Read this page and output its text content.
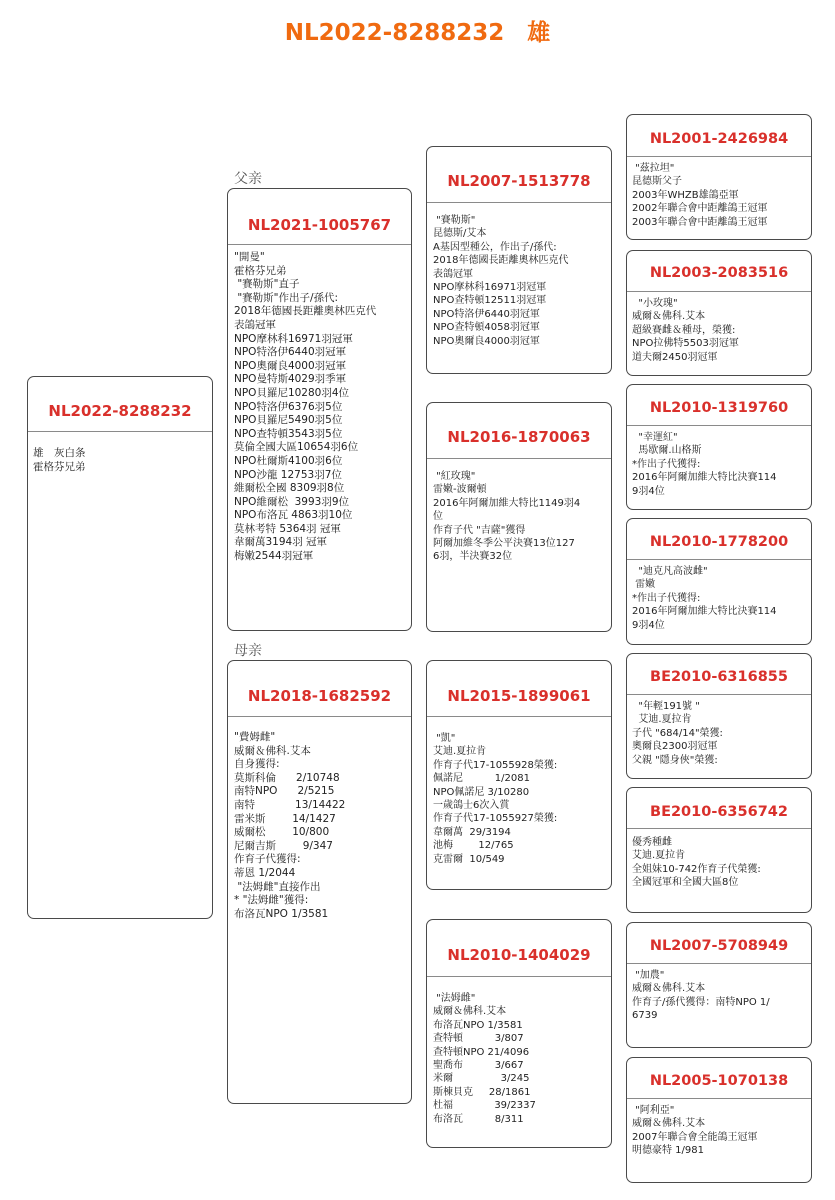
NL2022-8288232　雄
父亲
母亲
NL2022-8288232
雄　灰白条
霍格芬兄弟
NL2021-1005767
"開曼"
霍格芬兄弟
"賽勒斯"直子
"賽勒斯"作出子/孫代:
2018年德國長距離奧林匹克代
表鴿冠軍
NPO摩林科16971羽冠軍
NPO特洛伊6440羽冠軍
NPO奧爾良4000羽冠軍
NPO曼特斯4029羽季軍
NPO貝羅尼10280羽4位
NPO特洛伊6376羽5位
NPO貝羅尼5490羽5位
NPO查特頓3543羽5位
莫倫全國大區10654羽6位
NPO杜爾斯4100羽6位
NPO沙龍 12753羽7位
維爾松全國 8309羽8位
NPO維爾松  3993羽9位
NPO布洛瓦 4863羽10位
莫林考特 5364羽 冠軍
韋爾萬3194羽 冠軍
梅嫩2544羽冠軍
NL2018-1682592
"費姆雌"
威爾＆佛科.艾本
自身獲得:
莫斯科倫      2/10748
南特NPO      2/5215
南特            13/14422
雷米斯        14/1427
威爾松        10/800
尼爾吉斯        9/347
作育子代獲得:
蒂恩 1/2044
"法姆雌"直接作出
* "法姆雌"獲得:
布洛瓦NPO 1/3581
NL2007-1513778
"賽勒斯"
昆德斯/艾本
A基因型種公，作出子/孫代:
2018年德國長距離奧林匹克代
表鴿冠軍
NPO摩林科16971羽冠軍
NPO查特頓12511羽冠軍
NPO特洛伊6440羽冠軍
NPO查特頓4058羽冠軍
NPO奧爾良4000羽冠軍
NL2016-1870063
"紅玫瑰"
雷嫩-波爾頓
2016年阿爾加維大特比1149羽4
位
作育子代 "吉薩"獲得
阿爾加維冬季公平決賽13位127
6羽，半決賽32位
NL2015-1899061
"凱"
艾迪.夏拉肯
作育子代17-1055928榮獲:
佩諾尼          1/2081
NPO佩諾尼 3/10280
一歲鴿士6次入賞
作育子代17-1055927榮獲:
韋爾萬  29/3194
池梅        12/765
克雷爾  10/549
NL2010-1404029
"法姆雌"
威爾＆佛科.艾本
布洛瓦NPO 1/3581
查特頓          3/807
查特頓NPO 21/4096
聖喬布          3/667
米爾               3/245
斯棟貝克     28/1861
杜福             39/2337
布洛瓦          8/311
NL2001-2426984
"茲拉坦"
昆德斯父子
2003年WHZB雄鴿亞軍
2002年聯合會中距離鴿王冠軍
2003年聯合會中距離鴿王冠軍
NL2003-2083516
"小玫瑰"
威爾＆佛科.艾本
超級賽雌＆種母，榮獲:
NPO拉佛特5503羽冠軍
道夫爾2450羽冠軍
NL2010-1319760
"幸運紅"
馬歇爾.山格斯
*作出子代獲得:
2016年阿爾加維大特比決賽114
9羽4位
NL2010-1778200
"迪克凡高波雌"
雷嫩
*作出子代獲得:
2016年阿爾加維大特比決賽114
9羽4位
BE2010-6316855
"年輕191號 "
艾迪.夏拉肯
子代 "684/14"榮獲:
奧爾良2300羽冠軍
父親 "隱身俠"榮獲:
BE2010-6356742
優秀種雌
艾迪.夏拉肯
全姐妹10-742作育子代榮獲:
全國冠軍和全國大區8位
NL2007-5708949
"加農"
威爾＆佛科.艾本
作育子/孫代獲得：南特NPO 1/
6739
NL2005-1070138
"阿利亞"
威爾＆佛科.艾本
2007年聯合會全能鴿王冠軍
明德豪特 1/981
